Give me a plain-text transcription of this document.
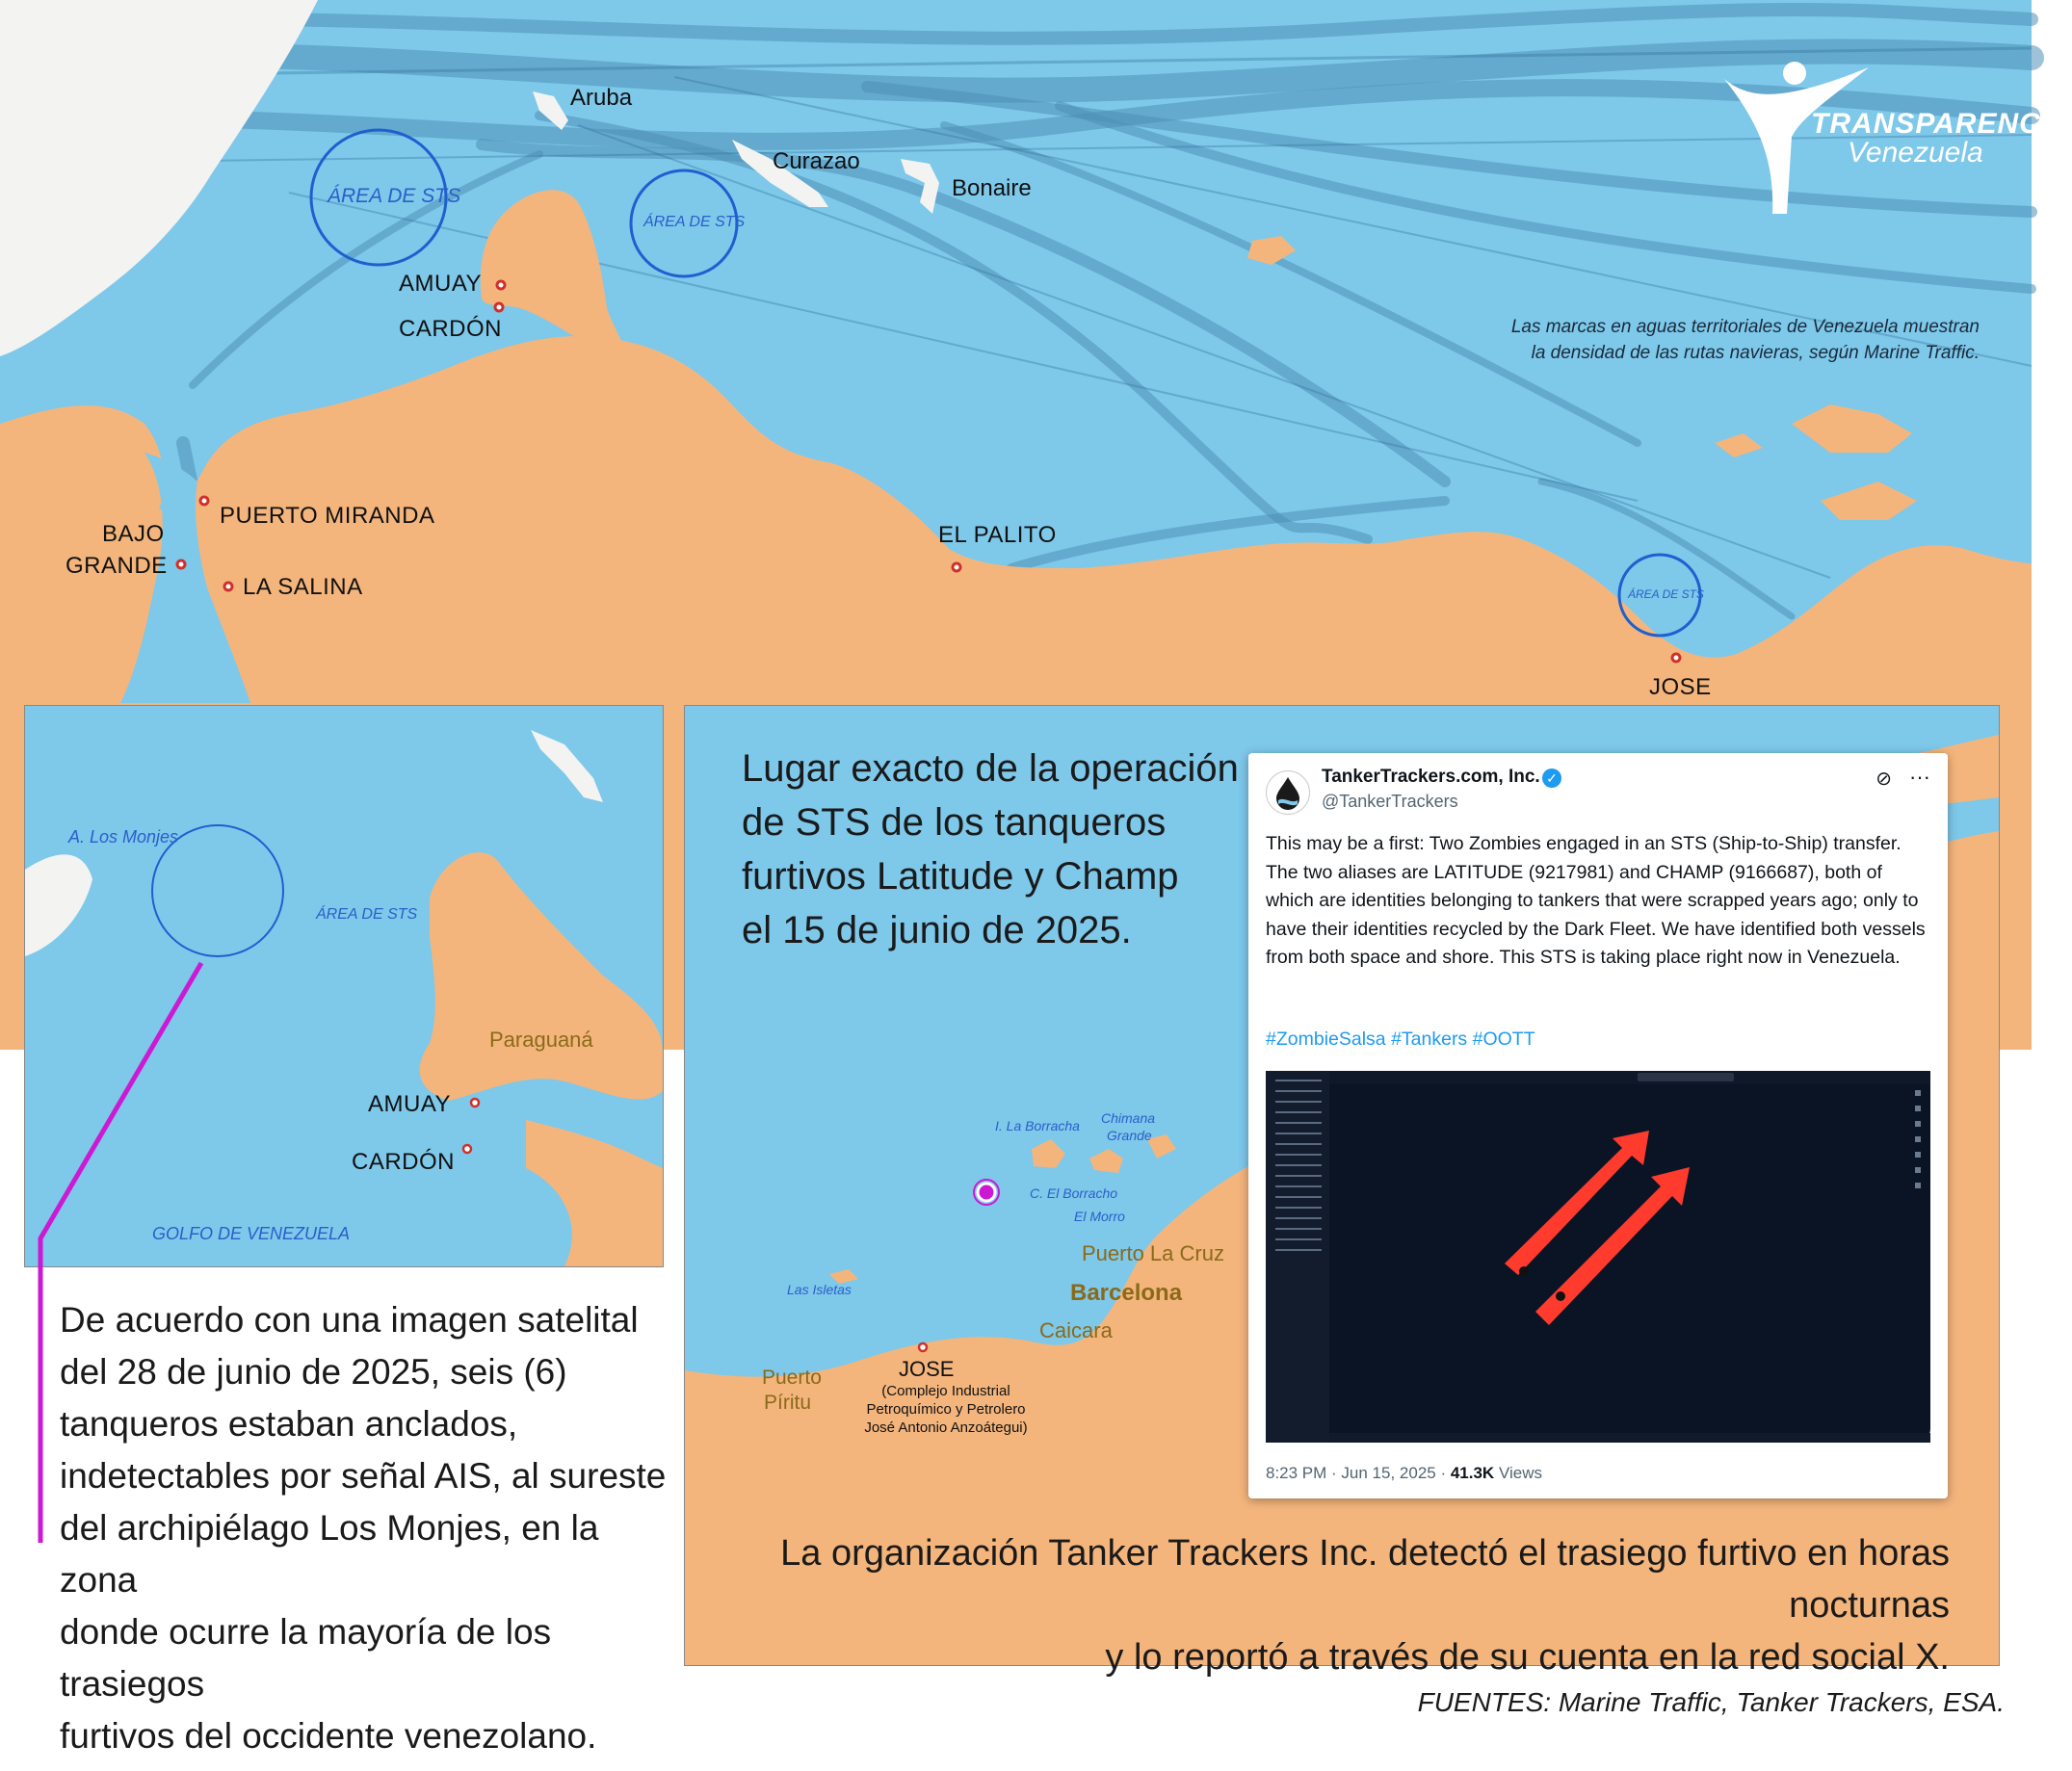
Aruba
Curazao
Bonaire
ÁREA DE STS
ÁREA DE STS
ÁREA DE STS
AMUAY
CARDÓN
PUERTO MIRANDA
BAJO
GRANDE
LA SALINA
EL PALITO
JOSE
Las marcas en aguas territoriales de Venezuela muestran
la densidad de las rutas navieras, según Marine Traffic.
TRANSPARENCIA
Venezuela
A. Los Monjes
ÁREA DE STS
Paraguaná
AMUAY
CARDÓN
GOLFO DE VENEZUELA
De acuerdo con una imagen satelital
del 28 de junio de 2025, seis (6)
tanqueros estaban anclados,
indetectables por señal AIS, al sureste
del archipiélago Los Monjes, en la zona
donde ocurre la mayoría de los trasiegos
furtivos del occidente venezolano.
I. La Borracha Chimana
Grande
C. El Borracho
El Morro
Puerto La Cruz
Barcelona
Caicara
Las Isletas
Puerto
Píritu
JOSE
(Complejo Industrial
Petroquímico y Petrolero
José Antonio Anzoátegui)
Lugar exacto de la operación
de STS de los tanqueros
furtivos Latitude y Champ
el 15 de junio de 2025.
TankerTrackers.com, Inc. ✓
@TankerTrackers
⊘ ···
This may be a first: Two Zombies engaged in an STS (Ship-to-Ship) transfer. The two aliases are LATITUDE (9217981) and CHAMP (9166687), both of which are identities belonging to tankers that were scrapped years ago; only to have their identities recycled by the Dark Fleet. We have identified both vessels from both space and shore. This STS is taking place right now in Venezuela.
#ZombieSalsa #Tankers #OOTT
8:23 PM · Jun 15, 2025 · 41.3K Views
La organización Tanker Trackers Inc. detectó el trasiego furtivo en horas nocturnas
y lo reportó a través de su cuenta en la red social X.
FUENTES: Marine Traffic, Tanker Trackers, ESA.
